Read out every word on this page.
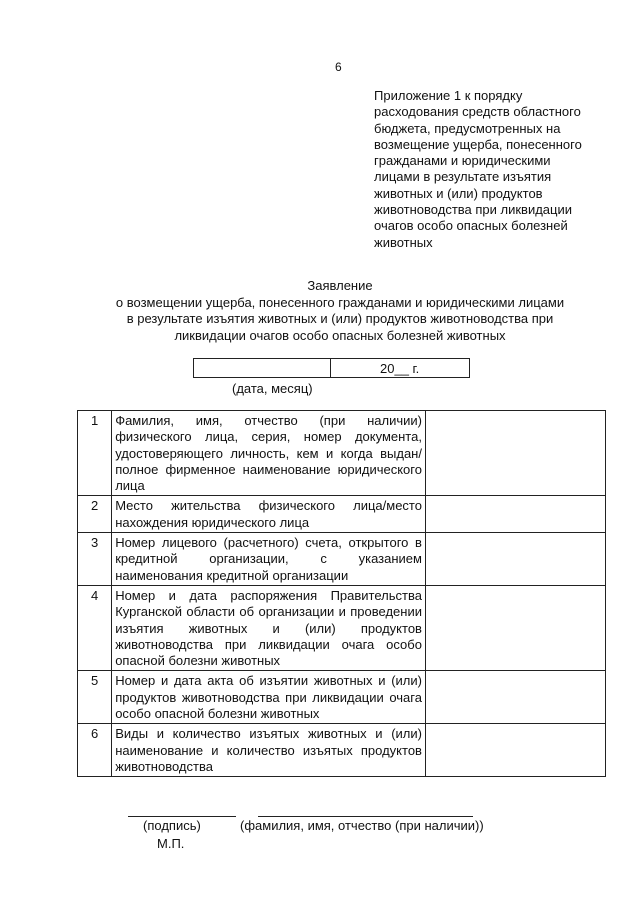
6
Приложение 1 к порядку
расходования средств областного
бюджета, предусмотренных на
возмещение ущерба, понесенного
гражданами и юридическими
лицами в результате изъятия
животных и (или) продуктов
животноводства при ликвидации
очагов особо опасных болезней
животных
Заявление
о возмещении ущерба, понесенного гражданами и юридическими лицами
в результате изъятия животных и (или) продуктов животноводства при
ликвидации очагов особо опасных болезней животных
20__ г.
(дата, месяц)
1	Фамилия, имя, отчество (при наличии) физического лица, серия, номер документа, удостоверяющего личность, кем и когда выдан/ полное фирменное наименование юридического лица	
2	Место жительства физического лица/место нахождения юридического лица	
3	Номер лицевого (расчетного) счета, открытого в кредитной организации, с указанием наименования кредитной организации	
4	Номер и дата распоряжения Правительства Курганской области об организации и проведении изъятия животных и (или) продуктов животноводства при ликвидации очага особо опасной болезни животных	
5	Номер и дата акта об изъятии животных и (или) продуктов животноводства при ликвидации очага особо опасной болезни животных	
6	Виды и количество изъятых животных и (или) наименование и количество изъятых продуктов животноводства	
(подпись)	(фамилия, имя, отчество (при наличии))
М.П.
